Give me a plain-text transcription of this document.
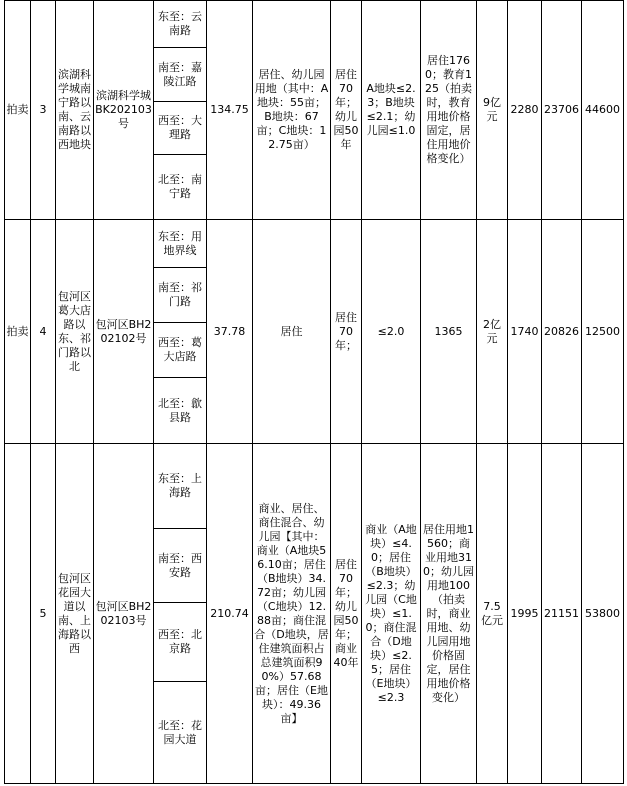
拍卖	3	滨湖科学城南宁路以南、云南路以西地块	滨湖科学城BK202103号	东至：云南路	134.75	居住、幼儿园用地（其中：A地块：55亩；B地块：67亩；C地块：12.75亩）	居住70年；幼儿园50年	A地块≤2.3；B地块≤2.1；幼儿园≤1.0	居住1760；教育125（拍卖时，教育用地价格固定，居住用地价格变化）	9亿元	2280	23706	44600
				南至：嘉陵江路									
				西至：大理路									
				北至：南宁路									
拍卖	4	包河区葛大店路以东、祁门路以北	包河区BH202102号	东至：用地界线	37.78	居住	居住70年；	≤2.0	1365	2亿元	1740	20826	12500
				南至：祁门路									
				西至：葛大店路									
				北至：歙县路									
	5	包河区花园大道以南、上海路以西	包河区BH202103号	东至：上海路	210.74	商业、居住、商住混合、幼儿园【其中：商业（A地块56.10亩；居住（B地块）34.72亩；幼儿园（C地块）12.88亩；商住混合（D地块，居住建筑面积占总建筑面积90%）57.68亩；居住（E地块）：49.36亩】	居住70年；幼儿园50年；商业40年	商业（A地块）≤4.0；居住（B地块）≤2.3；幼儿园（C地块）≤1.0；商住混合（D地块）≤2.5；居住（E地块）≤2.3	居住用地1560；商业用地310；幼儿园用地100（拍卖时，商业用地、幼儿园用地价格固定，居住用地价格变化）	7.5亿元	1995	21151	53800
				南至：西安路									
				西至：北京路									
				北至：花园大道									
